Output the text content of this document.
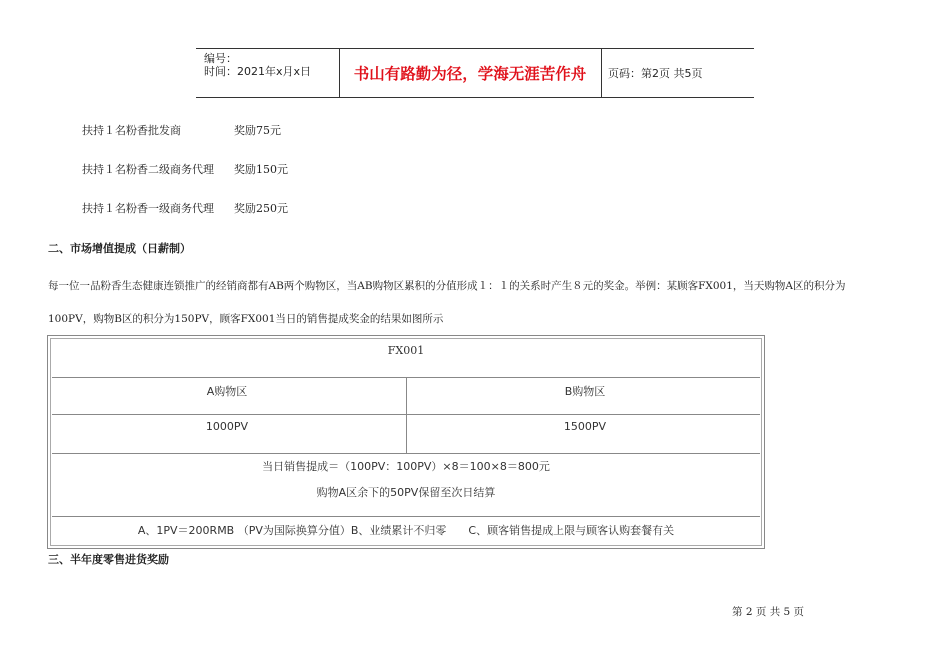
编号：
时间：2021年x月x日	书山有路勤为径，学海无涯苦作舟	页码：第2页 共5页
扶持１名粉香批发商	奖励75元
扶持１名粉香二级商务代理 奖励150元
扶持１名粉香一级商务代理 奖励250元
二、市场增值提成（日薪制）
每一位一品粉香生态健康连锁推广的经销商都有AB两个购物区，当AB购物区累积的分值形成１：１的关系时产生８元的奖金。举例：某顾客FX001，当天购物A区的积分为
100PV，购物B区的积分为150PV，顾客FX001当日的销售提成奖金的结果如图所示
FX001
A购物区	B购物区
1000PV	1500PV
当日销售提成＝（100PV：100PV）×8＝100×8＝800元
购物A区余下的50PV保留至次日结算
A、1PV＝200RMB （PV为国际换算分值）B、业绩累计不归零　　C、顾客销售提成上限与顾客认购套餐有关
三、半年度零售进货奖励
第 2 页 共 5 页
